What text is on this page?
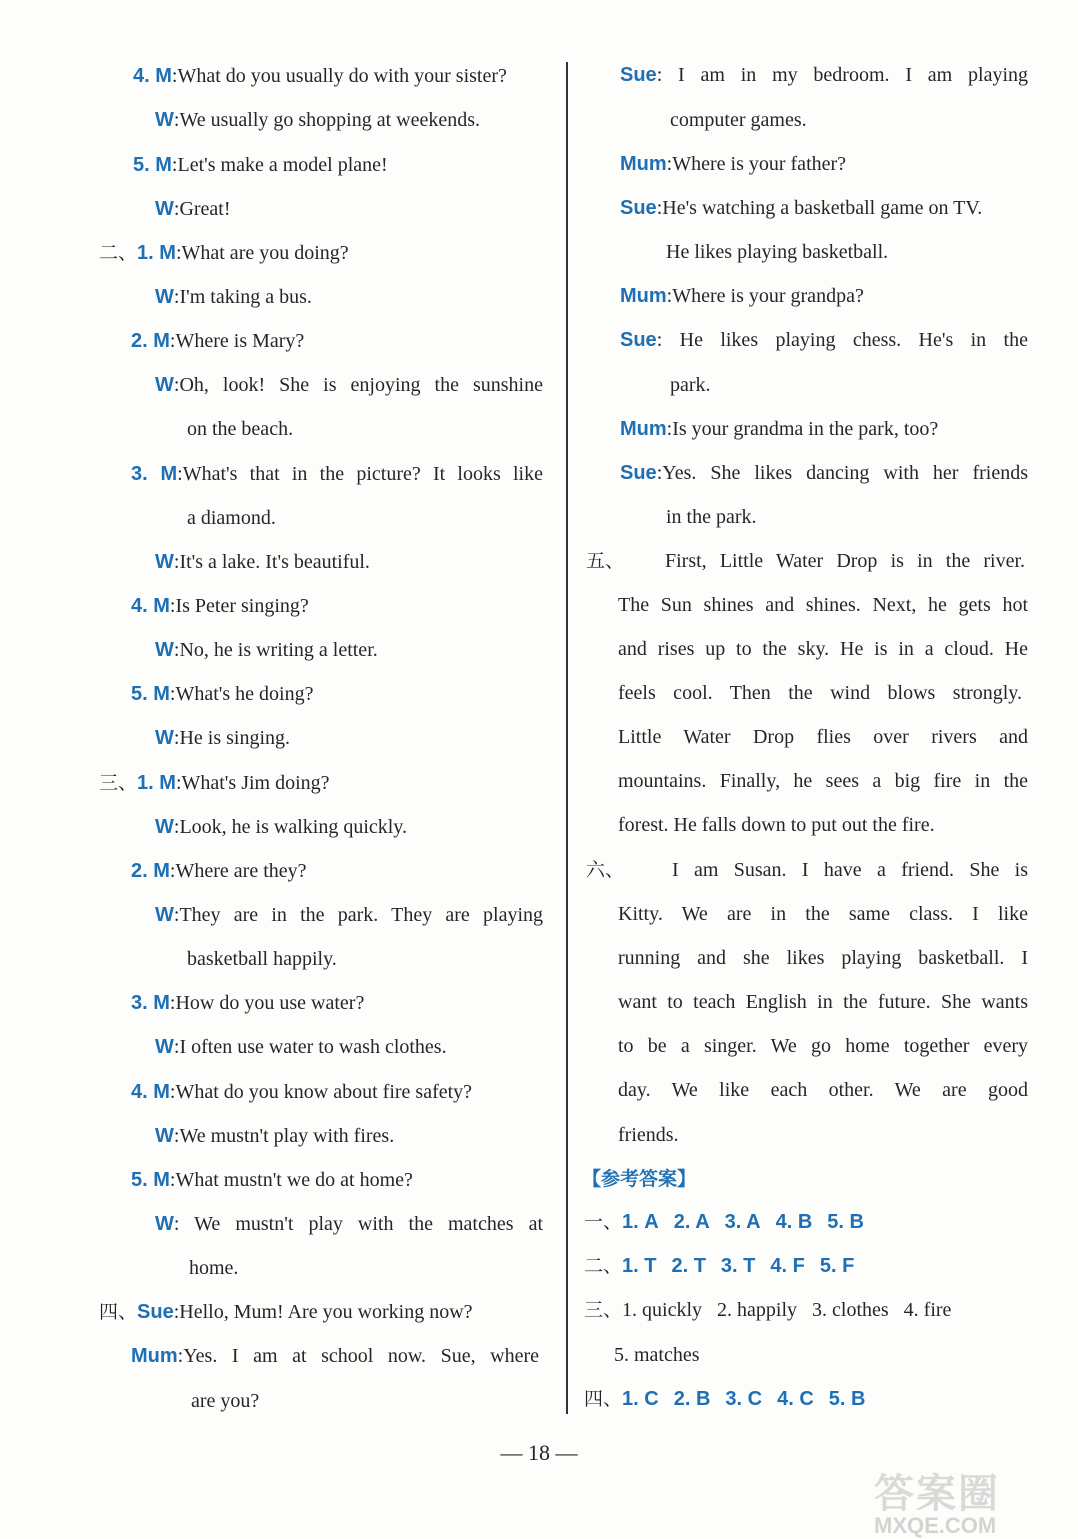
4. M:What do you usually do with your sister?
W:We usually go shopping at weekends.
5. M:Let's make a model plane!
W:Great!
二、1. M:What are you doing?
W:I'm taking a bus.
2. M:Where is Mary?
W:Oh, look! She is enjoying the sunshine
on the beach.
3. M:What's that in the picture? It looks like
a diamond.
W:It's a lake. It's beautiful.
4. M:Is Peter singing?
W:No, he is writing a letter.
5. M:What's he doing?
W:He is singing.
三、1. M:What's Jim doing?
W:Look, he is walking quickly.
2. M:Where are they?
W:They are in the park. They are playing
basketball happily.
3. M:How do you use water?
W:I often use water to wash clothes.
4. M:What do you know about fire safety?
W:We mustn't play with fires.
5. M:What mustn't we do at home?
W: We mustn't play with the matches at
home.
四、Sue:Hello, Mum! Are you working now?
Mum:Yes. I am at school now. Sue, where
are you?
Sue: I am in my bedroom. I am playing
computer games.
Mum:Where is your father?
Sue:He's watching a basketball game on TV.
He likes playing basketball.
Mum:Where is your grandpa?
Sue: He likes playing chess. He's in the
park.
Mum:Is your grandma in the park, too?
Sue:Yes. She likes dancing with her friends
in the park.
五、 First, Little Water Drop is in the river.
The Sun shines and shines. Next, he gets hot
and rises up to the sky. He is in a cloud. He
feels cool. Then the wind blows strongly.
Little Water Drop flies over rivers and
mountains. Finally, he sees a big fire in the
forest. He falls down to put out the fire.
六、 I am Susan. I have a friend. She is
Kitty. We are in the same class. I like
running and she likes playing basketball. I
want to teach English in the future. She wants
to be a singer. We go home together every
day. We like each other. We are good
friends.
【参考答案】
一、1. A 2. A 3. A 4. B 5. B
二、1. T 2. T 3. T 4. F 5. F
三、1. quickly 2. happily 3. clothes 4. fire
5. matches
四、1. C 2. B 3. C 4. C 5. B
— 18 —
答案圈
MXQE.COM
